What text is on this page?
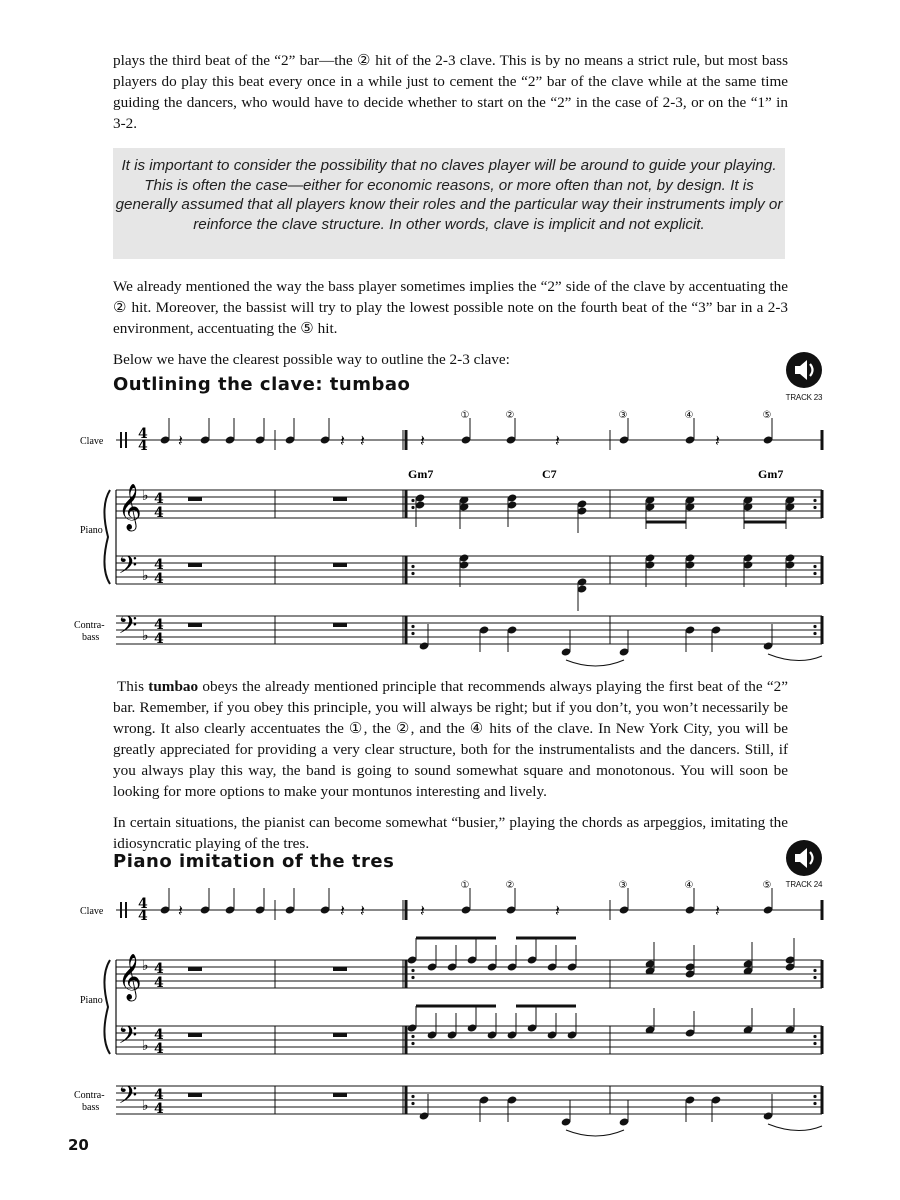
plays the third beat of the “2” bar—the ② hit of the 2-3 clave. This is by no means a strict rule, but most bass players do play this beat every once in a while just to cement the “2” bar of the clave while at the same time guiding the dancers, who would have to decide whether to start on the “2” in the case of 2-3, or on the “1” in 3-2.

It is important to consider the possibility that no claves player will be around to guide your playing. This is often the case—either for economic reasons, or more often than not, by design. It is generally assumed that all players know their roles and the particular way their instruments imply or reinforce the clave structure. In other words, clave is implicit and not explicit.

We already mentioned the way the bass player sometimes implies the “2” side of the clave by accentuating the ② hit. Moreover, the bassist will try to play the lowest possible note on the fourth beat of the “3” bar in a 2-3 environment, accentuating the ⑤ hit.

Below we have the clearest possible way to outline the 2-3 clave:

Outlining the clave: tumbao
TRACK 23
Clave
Piano
Contra-
bass
𝄞
𝄢
𝄢
♭
♭
♭
4
4
4
4
4
4
4
4
𝄽	𝄽 𝄽	𝄽	𝄽	𝄽
①	②	③	④	⑤
Gm7	C7	Gm7

This tumbao obeys the already mentioned principle that recommends always playing the first beat of the “2” bar. Remember, if you obey this principle, you will always be right; but if you don’t, you won’t necessarily be wrong. It also clearly accentuates the ①, the ②, and the ④ hits of the clave. In New York City, you will be greatly appreciated for providing a very clear structure, both for the instrumentalists and the dancers. Still, if you always play this way, the band is going to sound somewhat square and monotonous. You will soon be looking for more options to make your montunos interesting and lively.

In certain situations, the pianist can become somewhat “busier,” playing the chords as arpeggios, imitating the idiosyncratic playing of the tres.

Piano imitation of the tres
TRACK 24
Clave
Piano
Contra-
bass
𝄞
𝄢
𝄢
♭
♭
♭
4
4
4
4
4
4
4
4
𝄽	𝄽 𝄽	𝄽	𝄽	𝄽
①	②	③	④	⑤
20
